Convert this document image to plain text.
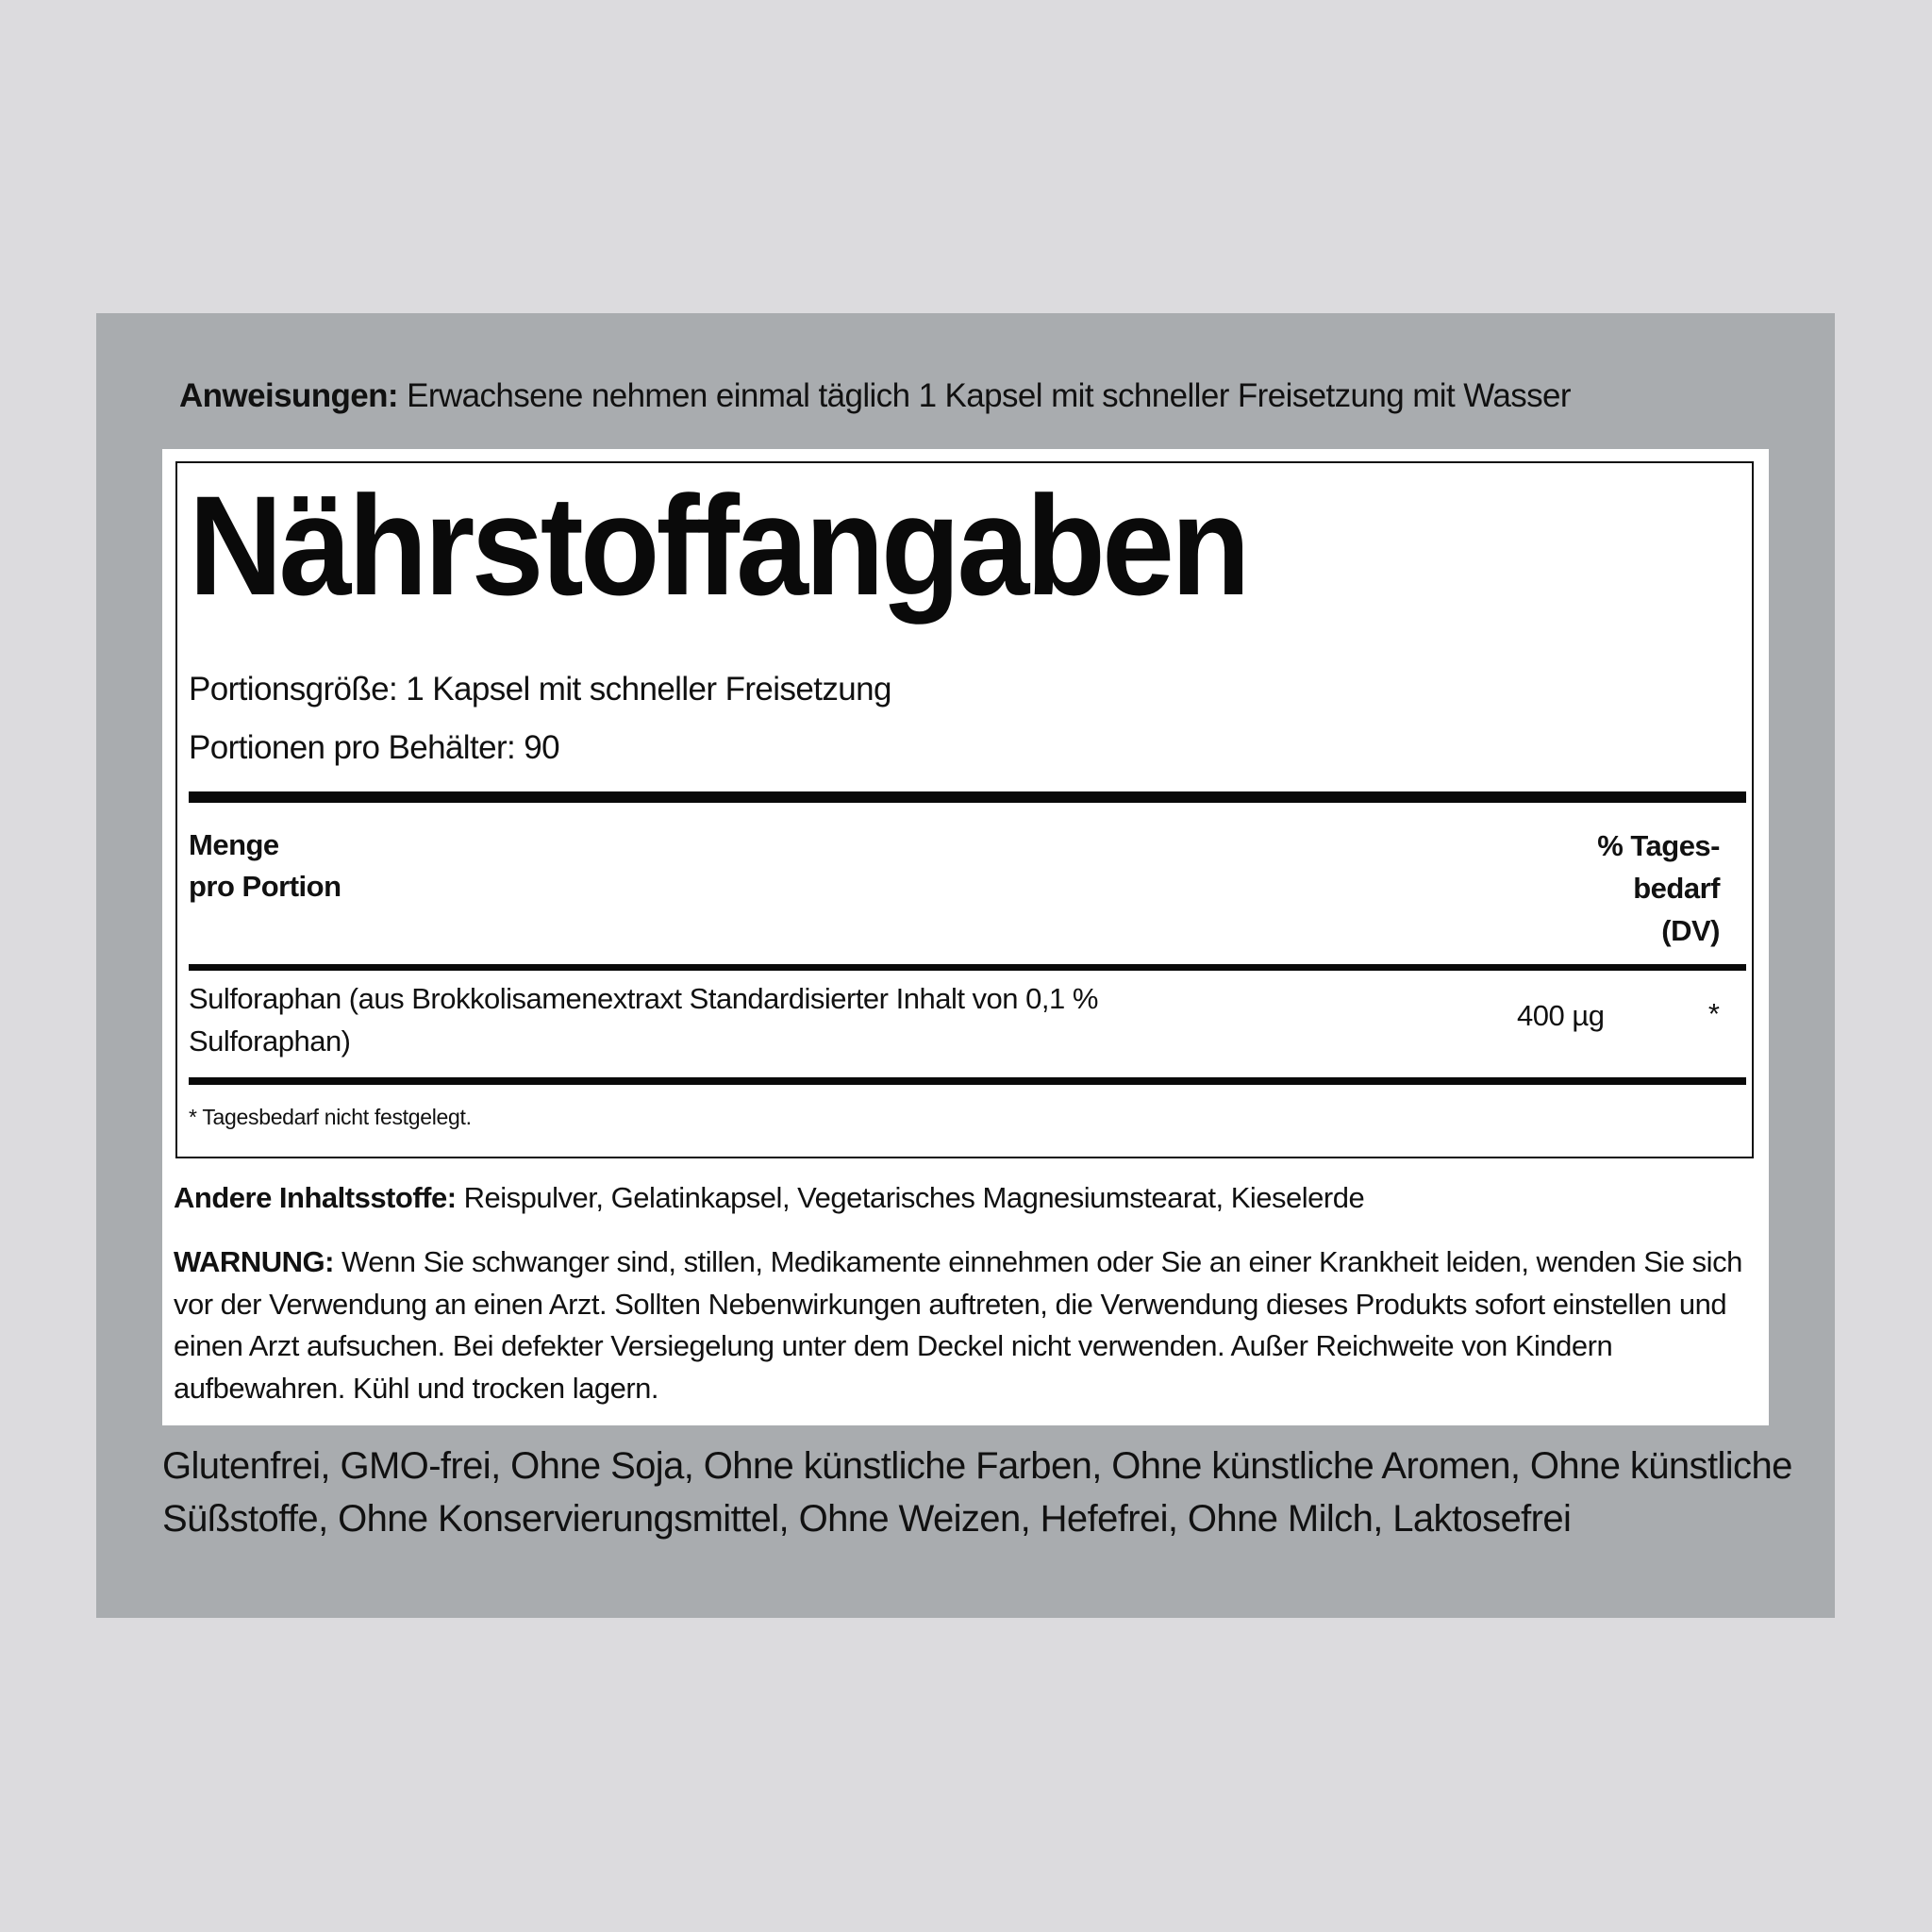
Anweisungen: Erwachsene nehmen einmal täglich 1 Kapsel mit schneller Freisetzung mit Wasser
Nährstoffangaben
Portionsgröße: 1 Kapsel mit schneller Freisetzung
Portionen pro Behälter: 90
Menge
pro Portion
% Tages-
bedarf
(DV)
Sulforaphan (aus Brokkolisamenextraxt Standardisierter Inhalt von 0,1 %
Sulforaphan)
400 µg	*
* Tagesbedarf nicht festgelegt.
Andere Inhaltsstoffe: Reispulver, Gelatinkapsel, Vegetarisches Magnesiumstearat, Kieselerde
WARNUNG: Wenn Sie schwanger sind, stillen, Medikamente einnehmen oder Sie an einer Krankheit leiden, wenden Sie sich vor der Verwendung an einen Arzt. Sollten Nebenwirkungen auftreten, die Verwendung dieses Produkts sofort einstellen und einen Arzt aufsuchen. Bei defekter Versiegelung unter dem Deckel nicht verwenden. Außer Reichweite von Kindern aufbewahren. Kühl und trocken lagern.
Glutenfrei, GMO-frei, Ohne Soja, Ohne künstliche Farben, Ohne künstliche Aromen, Ohne künstliche Süßstoffe, Ohne Konservierungsmittel, Ohne Weizen, Hefefrei, Ohne Milch, Laktosefrei
